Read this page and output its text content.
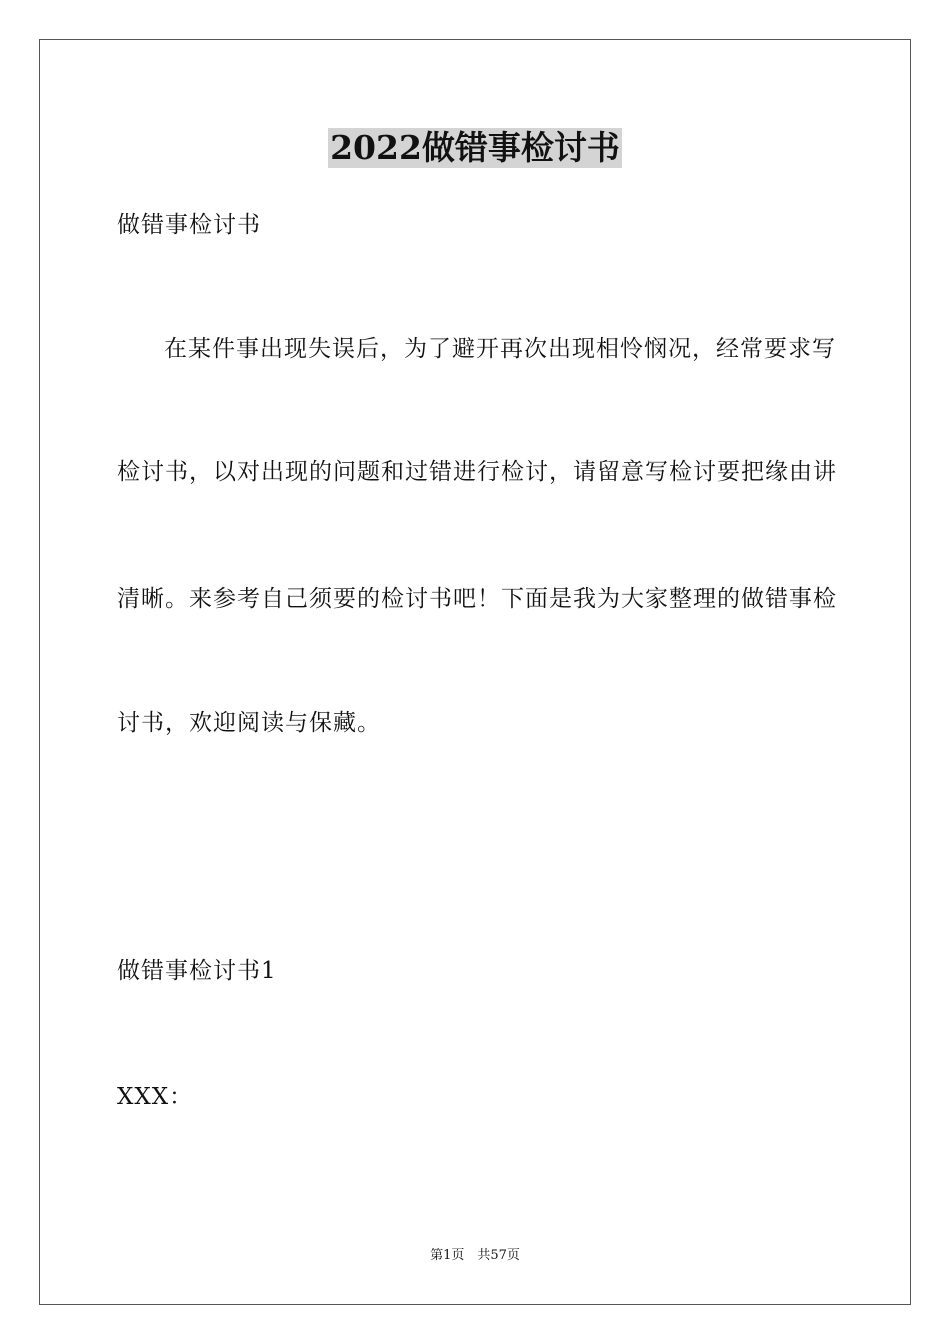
2022做错事检讨书
做错事检讨书
在某件事出现失误后，为了避开再次出现相怜悯况，经常要求写
检讨书，以对出现的问题和过错进行检讨，请留意写检讨要把缘由讲
清晰。来参考自己须要的检讨书吧！下面是我为大家整理的做错事检
讨书，欢迎阅读与保藏。
做错事检讨书1
XXX：
第1页　共57页
